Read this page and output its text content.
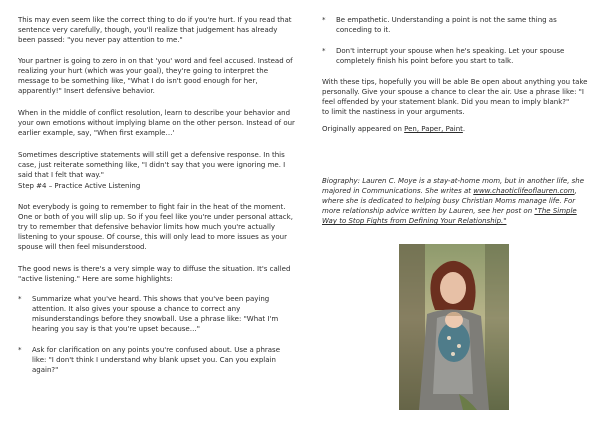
This may even seem like the correct thing to do if you're hurt. If you read that sentence very carefully, though, you'll realize that judgement has already been passed: "you never pay attention to me."

Your partner is going to zero in on that 'you' word and feel accused. Instead of realizing your hurt (which was your goal), they're going to interpret the message to be something like, "What I do isn't good enough for her, apparently!" Insert defensive behavior.

When in the middle of conflict resolution, learn to describe your behavior and your own emotions without implying blame on the other person. Instead of our earlier example, say, "When first example…'

Sometimes descriptive statements will still get a defensive response. In this case, just reiterate something like, "I didn't say that you were ignoring me. I said that I felt that way."

Step #4 – Practice Active Listening

Not everybody is going to remember to fight fair in the heat of the moment. One or both of you will slip up. So if you feel like you're under personal attack, try to remember that defensive behavior limits how much you're actually listening to your spouse. Of course, this will only lead to more issues as your spouse will then feel misunderstood.

The good news is there's a very simple way to diffuse the situation. It's called "active listening." Here are some highlights:

*	Summarize what you've heard. This shows that you've been paying attention. It also gives your spouse a chance to correct any misunderstandings before they snowball. Use a phrase like: "What I'm hearing you say is that you're upset because…"
*	Ask for clarification on any points you're confused about. Use a phrase like: "I don't think I understand why blank upset you. Can you explain again?"
*	Be empathetic. Understanding a point is not the same thing as conceding to it.
*	Don't interrupt your spouse when he's speaking. Let your spouse completely finish his point before you start to talk.

With these tips, hopefully you will be able Be open about anything you take personally. Give your spouse a chance to clear the air. Use a phrase like: "I feel offended by your statement blank. Did you mean to imply blank?"
to limit the nastiness in your arguments.

Originally appeared on Pen, Paper, Paint.

Biography: Lauren C. Moye is a stay-at-home mom, but in another life, she majored in Communications. She writes at www.chaoticlifeoflauren.com, where she is dedicated to helping busy Christian Moms manage life. For more relationship advice written by Lauren, see her post on "The Simple Way to Stop Fights from Defining Your Relationship."
